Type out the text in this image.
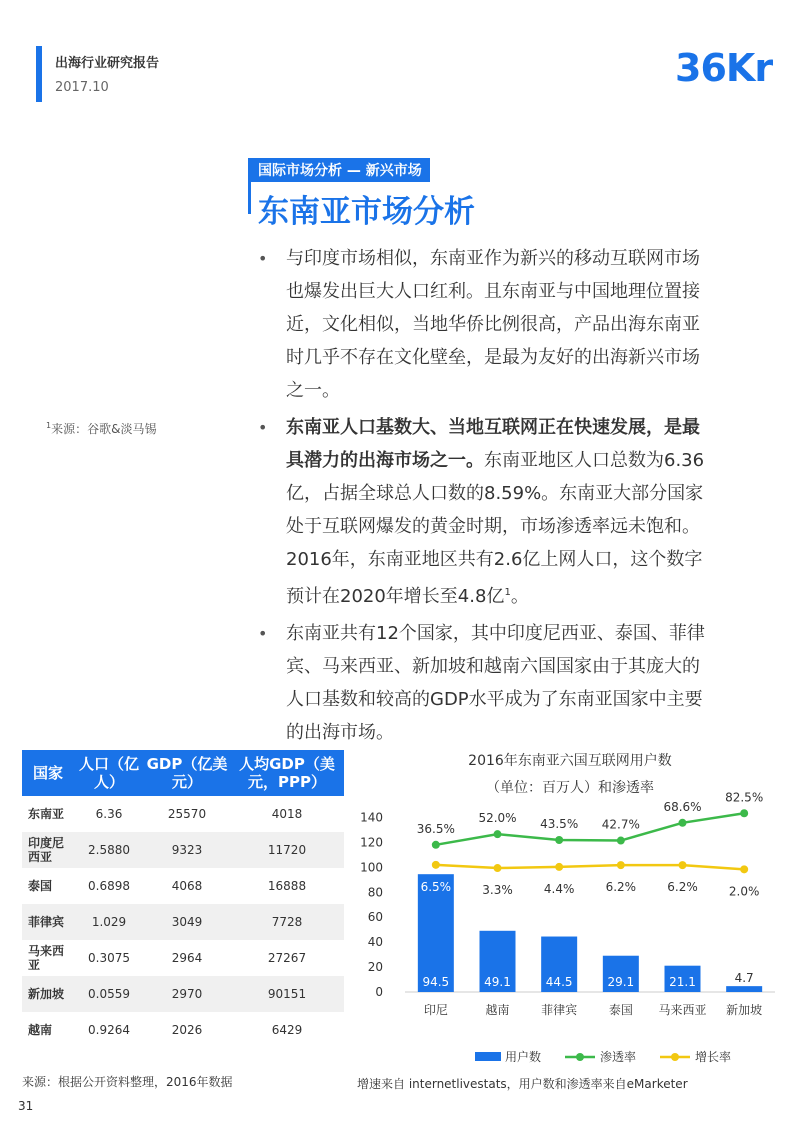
出海行业研究报告
2017.10	36Kr
国际市场分析 — 新兴市场
东南亚市场分析
$^1$来源：谷歌&淡马锡
• 与印度市场相似，东南亚作为新兴的移动互联网市场也爆发出巨大人口红利。且东南亚与中国地理位置接近，文化相似，当地华侨比例很高，产品出海东南亚时几乎不存在文化壁垒，是最为友好的出海新兴市场之一。
• 东南亚人口基数大、当地互联网正在快速发展，是最具潜力的出海市场之一。东南亚地区人口总数为6.36亿，占据全球总人口数的8.59%。东南亚大部分国家处于互联网爆发的黄金时期，市场渗透率远未饱和。2016年，东南亚地区共有2.6亿上网人口，这个数字预计在2020年增长至4.8亿$^1$。
• 东南亚共有12个国家，其中印度尼西亚、泰国、菲律宾、马来西亚、新加坡和越南六国国家由于其庞大的人口基数和较高的GDP水平成为了东南亚国家中主要的出海市场。
国家	人口（亿人）	GDP（亿美元）	人均GDP（美元，PPP）
东南亚	6.36	25570	4018
印度尼西亚	2.5880	9323	11720
泰国	0.6898	4068	16888
菲律宾	1.029	3049	7728
马来西亚	0.3075	2964	27267
新加坡	0.0559	2970	90151
越南	0.9264	2026	6429
2016年东南亚六国互联网用户数
（单位：百万人）和渗透率
0
20
40
60
80
100
120
140
94.5
印尼
49.1
越南
44.5
菲律宾
29.1
泰国
21.1
马来西亚
4.7
新加坡
36.5%
52.0% 43.5% 42.7%
68.6%
82.5%
6.5%	3.3%	4.4%	6.2%	6.2%	2.0%
用户数	渗透率	增长率
来源：根据公开资料整理，2016年数据	增速来自 internetlivestats，用户数和渗透率来自eMarketer
31
